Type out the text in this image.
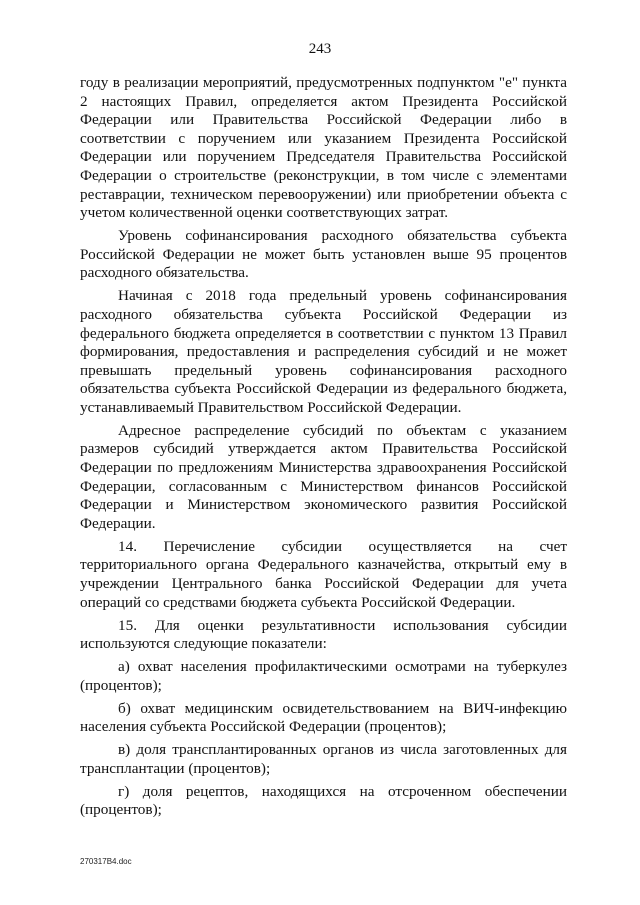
243

году в реализации мероприятий, предусмотренных подпунктом "е" пункта 2 настоящих Правил, определяется актом Президента Российской Федерации или Правительства Российской Федерации либо в соответствии с поручением или указанием Президента Российской Федерации или поручением Председателя Правительства Российской Федерации о строительстве (реконструкции, в том числе с элементами реставрации, техническом перевооружении) или приобретении объекта с учетом количественной оценки соответствующих затрат.

Уровень софинансирования расходного обязательства субъекта Российской Федерации не может быть установлен выше 95 процентов расходного обязательства.

Начиная с 2018 года предельный уровень софинансирования расходного обязательства субъекта Российской Федерации из федерального бюджета определяется в соответствии с пунктом 13 Правил формирования, предоставления и распределения субсидий и не может превышать предельный уровень софинансирования расходного обязательства субъекта Российской Федерации из федерального бюджета, устанавливаемый Правительством Российской Федерации.

Адресное распределение субсидий по объектам с указанием размеров субсидий утверждается актом Правительства Российской Федерации по предложениям Министерства здравоохранения Российской Федерации, согласованным с Министерством финансов Российской Федерации и Министерством экономического развития Российской Федерации.

14. Перечисление субсидии осуществляется на счет территориального органа Федерального казначейства, открытый ему в учреждении Центрального банка Российской Федерации для учета операций со средствами бюджета субъекта Российской Федерации.

15. Для оценки результативности использования субсидии используются следующие показатели:

а) охват населения профилактическими осмотрами на туберкулез (процентов);

б) охват медицинским освидетельствованием на ВИЧ-инфекцию населения субъекта Российской Федерации (процентов);

в) доля трансплантированных органов из числа заготовленных для трансплантации (процентов);

г) доля рецептов, находящихся на отсроченном обеспечении (процентов);

270317В4.doc
